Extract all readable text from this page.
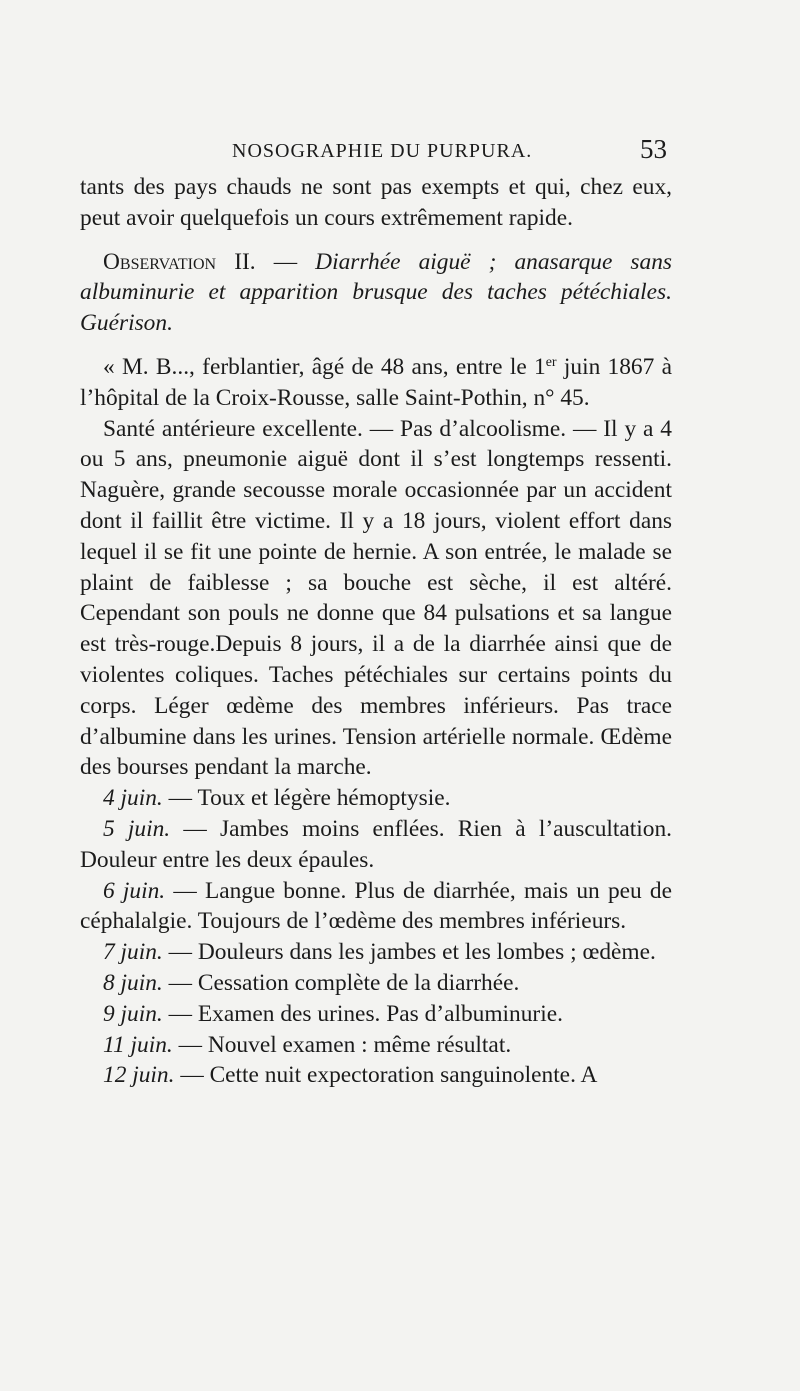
NOSOGRAPHIE DU PURPURA.	53

tants des pays chauds ne sont pas exempts et qui, chez eux, peut avoir quelquefois un cours extrêmement rapide.

Observation II. — Diarrhée aiguë ; anasarque sans albuminurie et apparition brusque des taches pétéchiales. Guérison.

« M. B..., ferblantier, âgé de 48 ans, entre le 1er juin 1867 à l’hôpital de la Croix-Rousse, salle Saint-Pothin, n° 45.

Santé antérieure excellente. — Pas d’alcoolisme. — Il y a 4 ou 5 ans, pneumonie aiguë dont il s’est longtemps ressenti. Naguère, grande secousse morale occasionnée par un accident dont il faillit être victime. Il y a 18 jours, violent effort dans lequel il se fit une pointe de hernie. A son entrée, le malade se plaint de faiblesse ; sa bouche est sèche, il est altéré. Cependant son pouls ne donne que 84 pulsations et sa langue est très-rouge.Depuis 8 jours, il a de la diarrhée ainsi que de violentes coliques. Taches pétéchiales sur certains points du corps. Léger œdème des membres inférieurs. Pas trace d’albumine dans les urines. Tension artérielle normale. Œdème des bourses pendant la marche.

4 juin. — Toux et légère hémoptysie.

5 juin. — Jambes moins enflées. Rien à l’auscultation. Douleur entre les deux épaules.

6 juin. — Langue bonne. Plus de diarrhée, mais un peu de céphalalgie. Toujours de l’œdème des membres inférieurs.

7 juin. — Douleurs dans les jambes et les lombes ; œdème.

8 juin. — Cessation complète de la diarrhée.

9 juin. — Examen des urines. Pas d’albuminurie.

11 juin. — Nouvel examen : même résultat.

12 juin. — Cette nuit expectoration sanguinolente. A
